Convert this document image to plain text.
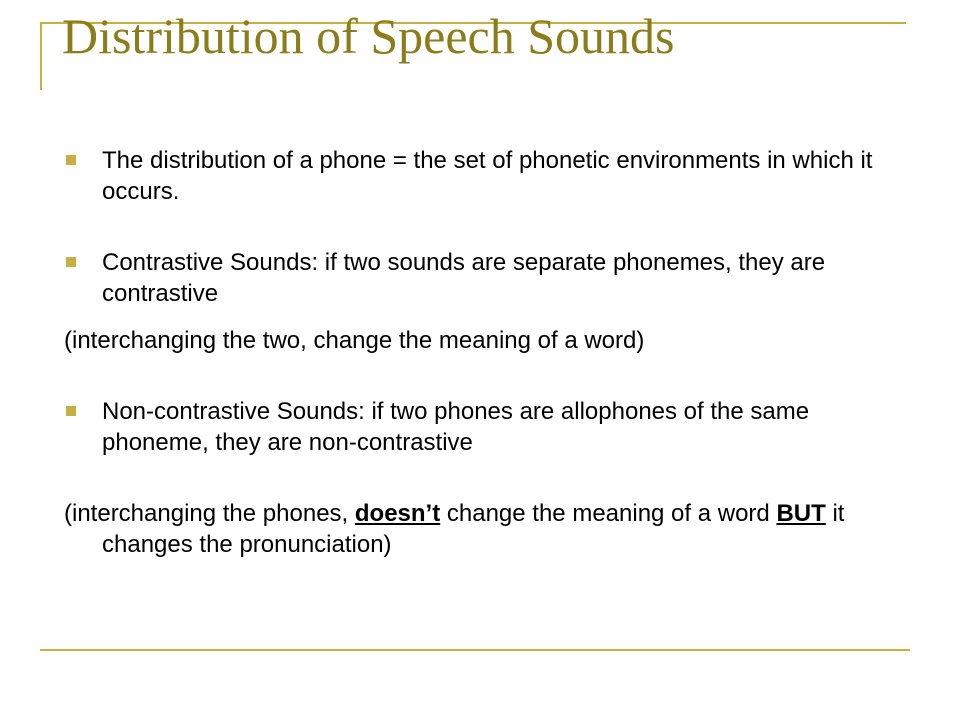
Distribution of Speech Sounds
The distribution of a phone = the set of phonetic environments in which it occurs.
Contrastive Sounds: if two sounds are separate phonemes, they are contrastive
(interchanging the two, change the meaning of a word)
Non-contrastive Sounds: if two phones are allophones of the same phoneme, they are non-contrastive
(interchanging the phones, doesn’t change the meaning of a word BUT it changes the pronunciation)
